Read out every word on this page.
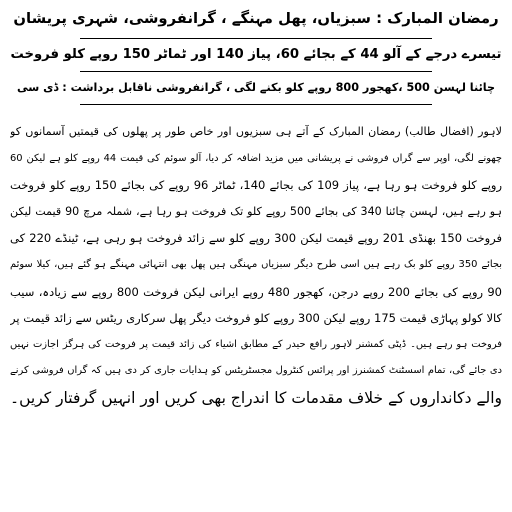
رمضان المبارک : سبزیاں، پھل مہنگے ، گرانفروشی، شہری پریشان
تیسرے درجے کے آلو 44 کے بجائے 60، پیاز 140 اور ٹماٹر 150 روپے کلو فروخت
چائنا لہسن 500 ،کھجور 800 روپے کلو بکنے لگی ، گرانفروشی ناقابل برداشت : ڈی سی
لاہور (افضال طالب) رمضان المبارک کے آتے ہی سبزیوں اور خاص طور پر پھلوں کی قیمتیں آسمانوں کو
چھونے لگی، اوپر سے گراں فروشی نے پریشانی میں مزید اضافہ کر دیا، آلو سوئم کی قیمت 44 روپے کلو ہے لیکن 60
روپے کلو فروخت ہو رہا ہے، پیاز 109 کی بجائے 140، ٹماٹر 96 روپے کی بجائے 150 روپے کلو فروخت
ہو رہے ہیں، لہسن چائنا 340 کی بجائے 500 روپے کلو تک فروخت ہو رہا ہے، شملہ مرچ 90 قیمت لیکن
فروخت 150 بھنڈی 201 روپے قیمت لیکن 300 روپے کلو سے زائد فروخت ہو رہی ہے، ٹینڈے 220 کی
بجائے 350 روپے کلو بک رہے ہیں اسی طرح دیگر سبزیاں مہنگی ہیں پھل بھی انتہائی مہنگے ہو گئے ہیں، کیلا سوئم
90 روپے کی بجائے 200 روپے درجن، کھجور 480 روپے ایرانی لیکن فروخت 800 روپے سے زیادہ، سیب
کالا کولو پہاڑی قیمت 175 روپے لیکن 300 روپے کلو فروخت دیگر پھل سرکاری ریٹس سے زائد قیمت پر
فروخت ہو رہے ہیں۔ ڈپٹی کمشنر لاہور رافع حیدر کے مطابق اشیاء کی زائد قیمت پر فروخت کی ہرگز اجازت نہیں
دی جائے گی، تمام اسسٹنٹ کمشنرز اور پرائس کنٹرول مجسٹریٹس کو ہدایات جاری کر دی ہیں کہ گراں فروشی کرنے
والے دکانداروں کے خلاف مقدمات کا اندراج بھی کریں اور انہیں گرفتار کریں۔
